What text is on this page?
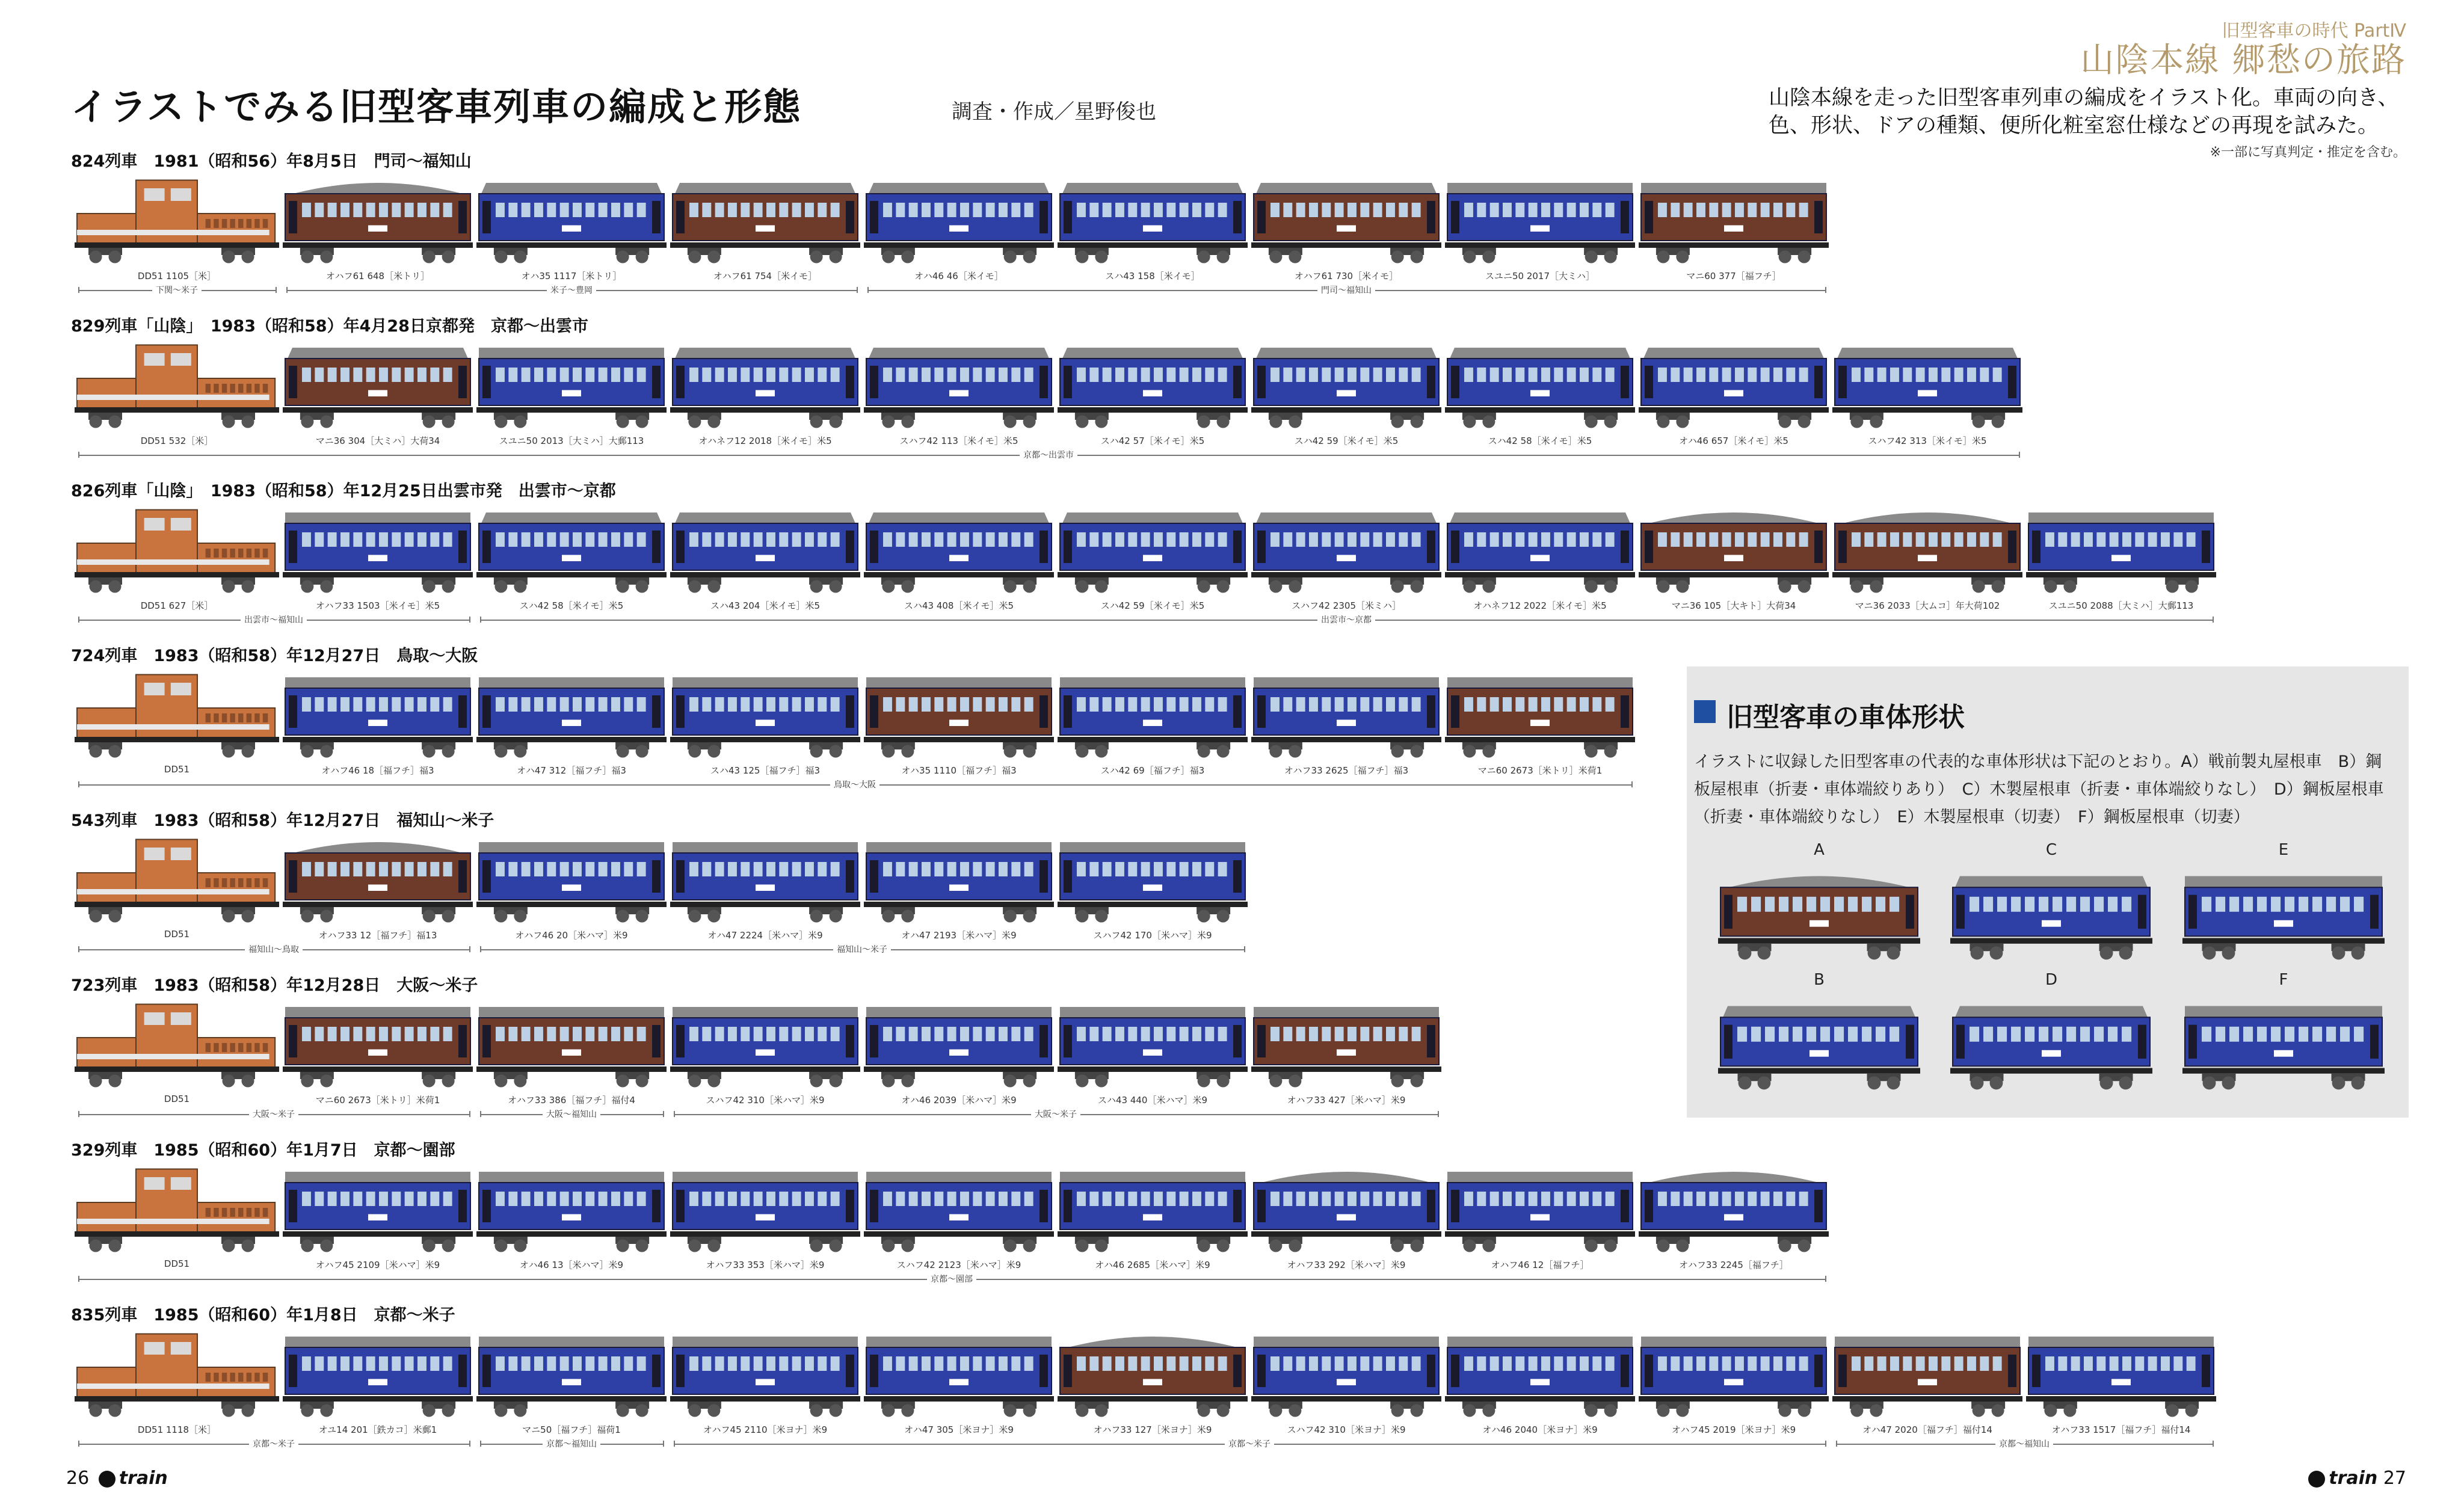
イラストでみる旧型客車列車の編成と形態	調査・作成／星野俊也
旧型客車の時代 PartⅣ
山陰本線 郷愁の旅路
山陰本線を走った旧型客車列車の編成をイラスト化。車両の向き、色、形状、ドアの種類、便所化粧室窓仕様などの再現を試みた。
※一部に写真判定・推定を含む。
824列車　1981（昭和56）年8月5日　門司〜福知山
DD51 1105［米］	オハフ61 648［米トリ］	オハ35 1117［米トリ］	オハフ61 754［米イモ］	オハ46 46［米イモ］	スハ43 158［米イモ］	オハフ61 730［米イモ］	スユニ50 2017［大ミハ］	マニ60 377［福フチ］
下関〜米子	米子〜豊岡	門司〜福知山
829列車「山陰」　1983（昭和58）年4月28日京都発　京都〜出雲市
DD51 532［米］	マニ36 304［大ミハ］大荷34	スユニ50 2013［大ミハ］大郵113	オハネフ12 2018［米イモ］米5	スハフ42 113［米イモ］米5	スハ42 57［米イモ］米5	スハ42 59［米イモ］米5	スハ42 58［米イモ］米5	オハ46 657［米イモ］米5	スハフ42 313［米イモ］米5
京都〜出雲市
826列車「山陰」　1983（昭和58）年12月25日出雲市発　出雲市〜京都
DD51 627［米］	オハフ33 1503［米イモ］米5	スハ42 58［米イモ］米5	スハ43 204［米イモ］米5	スハ43 408［米イモ］米5	スハ42 59［米イモ］米5	スハフ42 2305［米ミハ］	オハネフ12 2022［米イモ］米5	マニ36 105［大キト］大荷34	マニ36 2033［大ムコ］年大荷102	スユニ50 2088［大ミハ］大郵113
出雲市〜福知山	出雲市〜京都
724列車　1983（昭和58）年12月27日　鳥取〜大阪
DD51	オハフ46 18［福フチ］福3	オハ47 312［福フチ］福3	スハ43 125［福フチ］福3	オハ35 1110［福フチ］福3	スハ42 69［福フチ］福3	オハフ33 2625［福フチ］福3	マニ60 2673［米トリ］米荷1
鳥取〜大阪
543列車　1983（昭和58）年12月27日　福知山〜米子
DD51	オハフ33 12［福フチ］福13	オハフ46 20［米ハマ］米9	オハ47 2224［米ハマ］米9	オハ47 2193［米ハマ］米9	スハフ42 170［米ハマ］米9
福知山〜鳥取	福知山〜米子
723列車　1983（昭和58）年12月28日　大阪〜米子
DD51	マニ60 2673［米トリ］米荷1	オハフ33 386［福フチ］福付4	スハフ42 310［米ハマ］米9	オハ46 2039［米ハマ］米9	スハ43 440［米ハマ］米9	オハフ33 427［米ハマ］米9
大阪〜米子	大阪〜福知山	大阪〜米子
329列車　1985（昭和60）年1月7日　京都〜園部
DD51	オハフ45 2109［米ハマ］米9	オハ46 13［米ハマ］米9	オハフ33 353［米ハマ］米9	スハフ42 2123［米ハマ］米9	オハ46 2685［米ハマ］米9	オハフ33 292［米ハマ］米9	オハフ46 12［福フチ］	オハフ33 2245［福フチ］
京都〜園部
835列車　1985（昭和60）年1月8日　京都〜米子
DD51 1118［米］	オユ14 201［鉄カコ］米郵1	マニ50［福フチ］福荷1	オハフ45 2110［米ヨナ］米9	オハ47 305［米ヨナ］米9	オハフ33 127［米ヨナ］米9	スハフ42 310［米ヨナ］米9	オハ46 2040［米ヨナ］米9	オハフ45 2019［米ヨナ］米9	オハ47 2020［福フチ］福付14	オハフ33 1517［福フチ］福付14
京都〜米子	京都〜福知山	京都〜米子	京都〜福知山
旧型客車の車体形状
イラストに収録した旧型客車の代表的な車体形状は下記のとおり。A）戦前製丸屋根車　B）鋼板屋根車（折妻・車体端絞りあり）　C）木製屋根車（折妻・車体端絞りなし）　D）鋼板屋根車（折妻・車体端絞りなし）　E）木製屋根車（切妻）　F）鋼板屋根車（切妻）
A	C	E
B	D	F
26 train	train 27
